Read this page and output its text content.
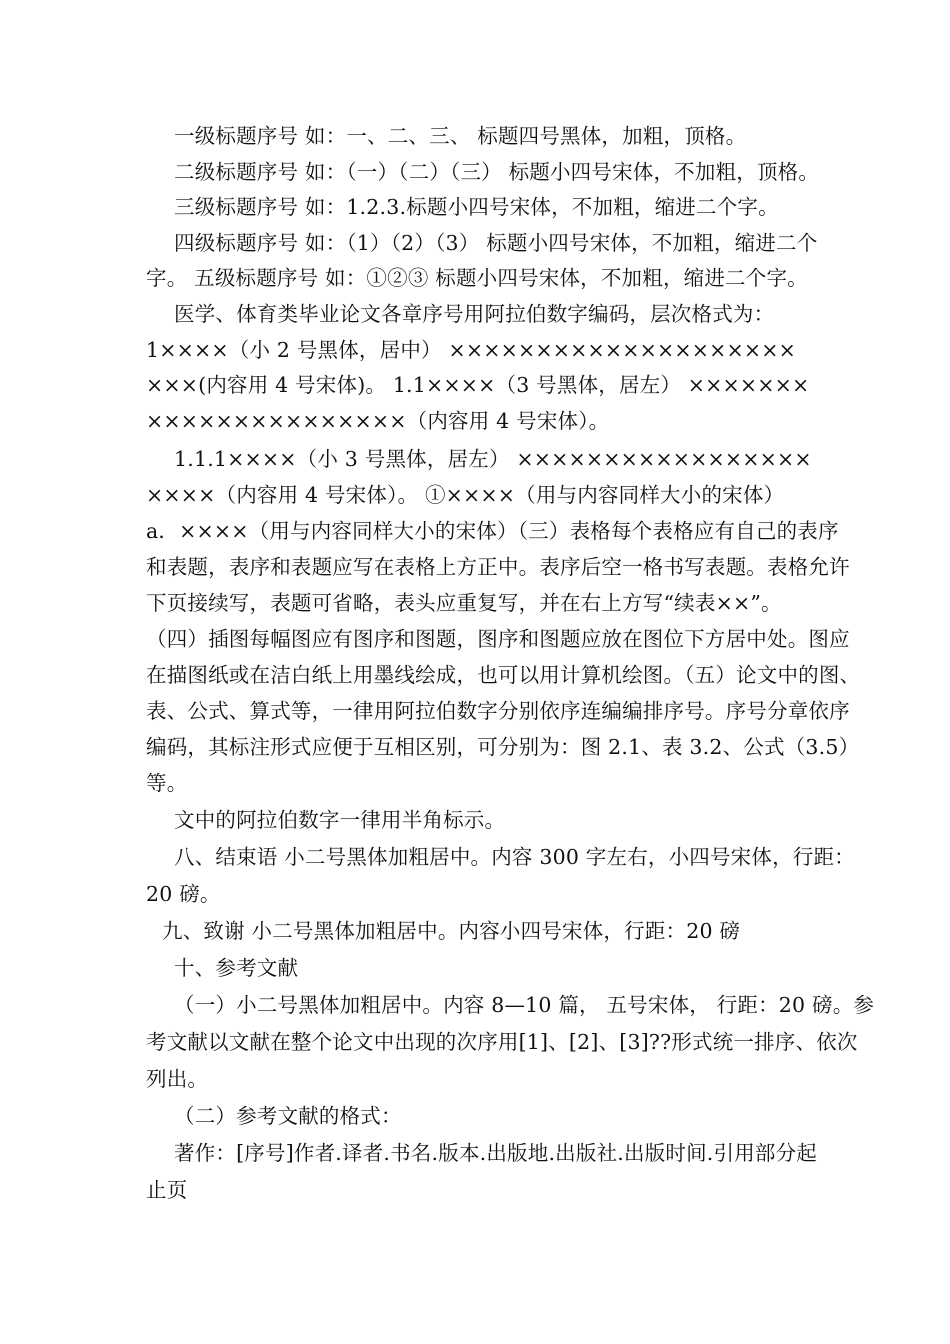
一级标题序号 如：一、二、三、 标题四号黑体，加粗，顶格。
二级标题序号 如：（一）（二）（三） 标题小四号宋体，不加粗，顶格。
三级标题序号 如：1.2.3.标题小四号宋体，不加粗，缩进二个字。
四级标题序号 如：（1）（2）（3） 标题小四号宋体，不加粗，缩进二个
字。 五级标题序号 如：①②③ 标题小四号宋体，不加粗，缩进二个字。
医学、体育类毕业论文各章序号用阿拉伯数字编码，层次格式为：
1××××（小 2 号黑体，居中） ××××××××××××××××××××
×××(内容用 4 号宋体)。 1.1××××（3 号黑体，居左） ×××××××
×××××××××××××××（内容用 4 号宋体）。
1.1.1××××（小 3 号黑体，居左） ×××××××××××××××××
××××（内容用 4 号宋体）。 ①××××（用与内容同样大小的宋体）
a．××××（用与内容同样大小的宋体）（三）表格每个表格应有自己的表序
和表题，表序和表题应写在表格上方正中。表序后空一格书写表题。表格允许
下页接续写，表题可省略，表头应重复写，并在右上方写“续表××”。
（四）插图每幅图应有图序和图题，图序和图题应放在图位下方居中处。图应
在描图纸或在洁白纸上用墨线绘成，也可以用计算机绘图。（五）论文中的图、
表、公式、算式等，一律用阿拉伯数字分别依序连编编排序号。序号分章依序
编码，其标注形式应便于互相区别，可分别为：图 2.1、表 3.2、公式（3.5）
等。
文中的阿拉伯数字一律用半角标示。
八、结束语 小二号黑体加粗居中。内容 300 字左右，小四号宋体，行距：
20 磅。
九、致谢 小二号黑体加粗居中。内容小四号宋体，行距：20 磅
十、参考文献
（一）小二号黑体加粗居中。内容 8—10 篇， 五号宋体， 行距：20 磅。参
考文献以文献在整个论文中出现的次序用[1]、[2]、[3]??形式统一排序、依次
列出。
（二）参考文献的格式：
著作：[序号]作者.译者.书名.版本.出版地.出版社.出版时间.引用部分起
止页
